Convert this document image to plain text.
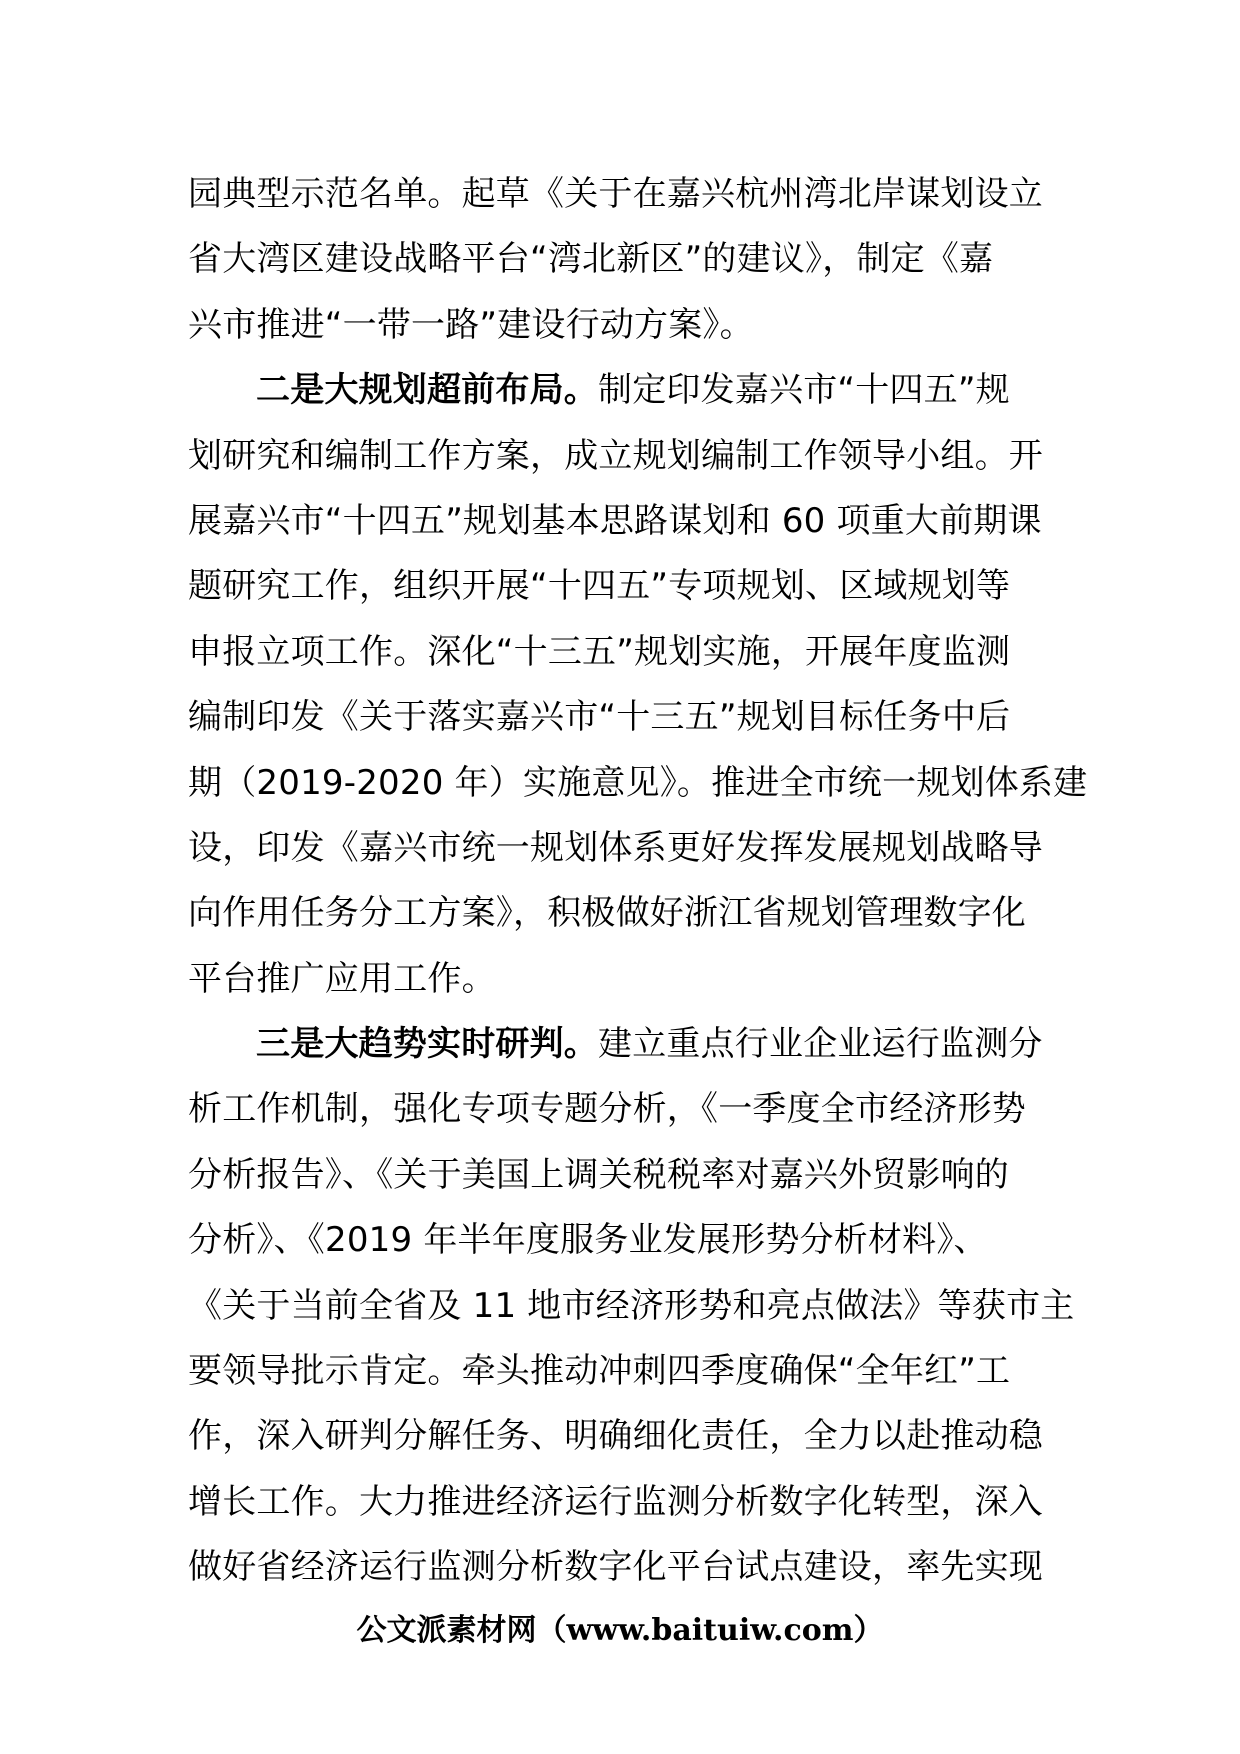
园典型示范名单。起草《关于在嘉兴杭州湾北岸谋划设立
省大湾区建设战略平台“湾北新区”的建议》，制定《嘉
兴市推进“一带一路”建设行动方案》。
二是大规划超前布局。制定印发嘉兴市“十四五”规
划研究和编制工作方案，成立规划编制工作领导小组。开
展嘉兴市“十四五”规划基本思路谋划和 60 项重大前期课
题研究工作，组织开展“十四五”专项规划、区域规划等
申报立项工作。深化“十三五”规划实施，开展年度监测
编制印发《关于落实嘉兴市“十三五”规划目标任务中后
期（2019-2020 年）实施意见》。推进全市统一规划体系建
设，印发《嘉兴市统一规划体系更好发挥发展规划战略导
向作用任务分工方案》，积极做好浙江省规划管理数字化
平台推广应用工作。
三是大趋势实时研判。建立重点行业企业运行监测分
析工作机制，强化专项专题分析，《一季度全市经济形势
分析报告》、《关于美国上调关税税率对嘉兴外贸影响的
分析》、《2019 年半年度服务业发展形势分析材料》、
《关于当前全省及 11 地市经济形势和亮点做法》等获市主
要领导批示肯定。牵头推动冲刺四季度确保“全年红”工
作，深入研判分解任务、明确细化责任，全力以赴推动稳
增长工作。大力推进经济运行监测分析数字化转型，深入
做好省经济运行监测分析数字化平台试点建设，率先实现
公文派素材网（www.baituiw.com）
